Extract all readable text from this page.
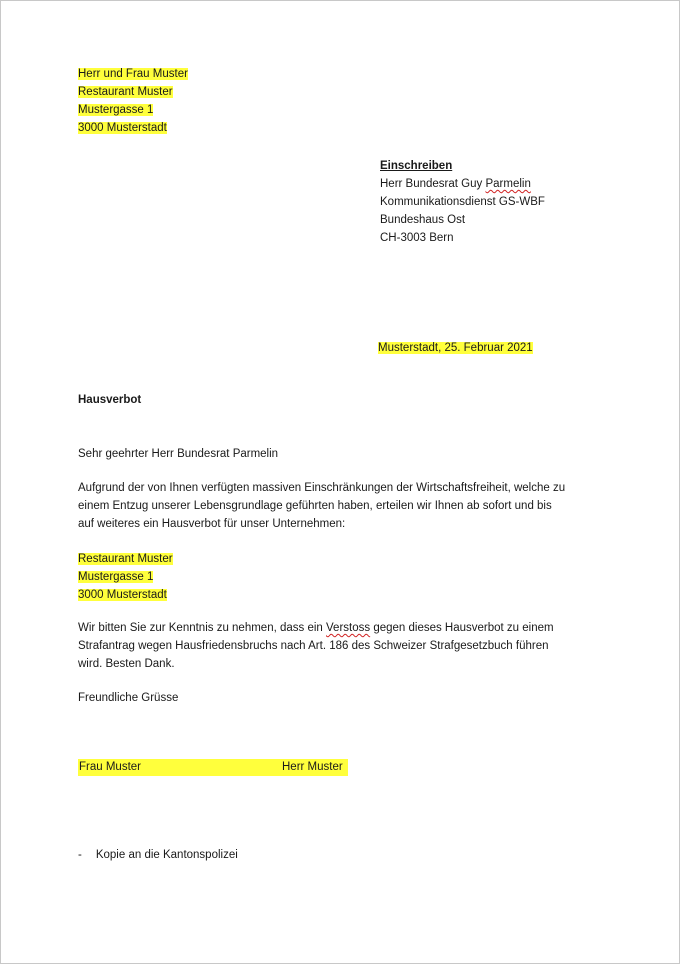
Herr und Frau Muster
Restaurant Muster
Mustergasse 1
3000 Musterstadt
Einschreiben
Herr Bundesrat Guy Parmelin
Kommunikationsdienst GS-WBF
Bundeshaus Ost
CH-3003 Bern
Musterstadt, 25. Februar 2021
Hausverbot
Sehr geehrter Herr Bundesrat Parmelin
Aufgrund der von Ihnen verfügten massiven Einschränkungen der Wirtschaftsfreiheit, welche zu
einem Entzug unserer Lebensgrundlage geführten haben, erteilen wir Ihnen ab sofort und bis
auf weiteres ein Hausverbot für unser Unternehmen:
Restaurant Muster
Mustergasse 1
3000 Musterstadt
Wir bitten Sie zur Kenntnis zu nehmen, dass ein Verstoss gegen dieses Hausverbot zu einem
Strafantrag wegen Hausfriedensbruchs nach Art. 186 des Schweizer Strafgesetzbuch führen
wird. Besten Dank.
Freundliche Grüsse
Frau Muster	Herr Muster
- Kopie an die Kantonspolizei
